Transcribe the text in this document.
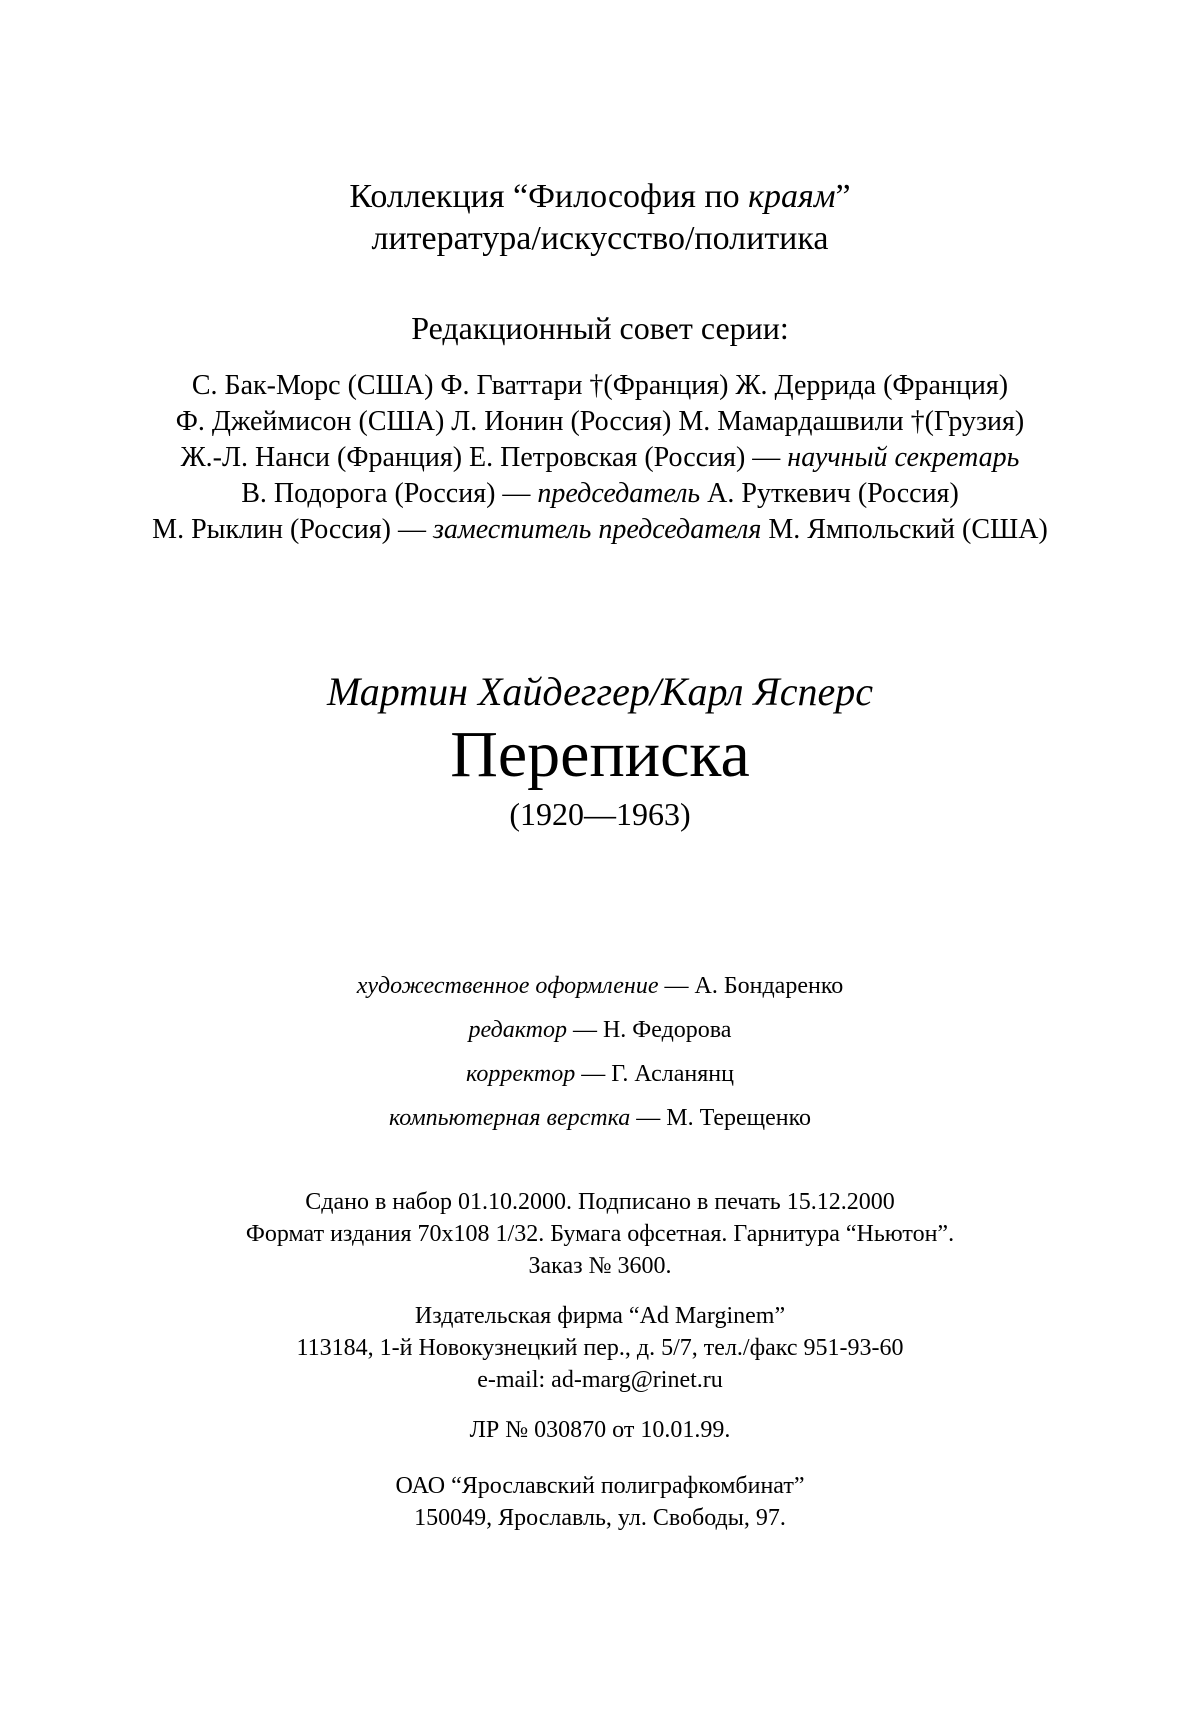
Коллекция “Философия по краям”
литература/искусство/политика
Редакционный совет серии:
С. Бак-Морс (США) Ф. Гваттари †(Франция) Ж. Деррида (Франция)
Ф. Джеймисон (США) Л. Ионин (Россия) М. Мамардашвили †(Грузия)
Ж.-Л. Нанси (Франция) Е. Петровская (Россия) — научный секретарь
В. Подорога (Россия) — председатель А. Руткевич (Россия)
М. Рыклин (Россия) — заместитель председателя М. Ямпольский (США)
Мартин Хайдеггер/Карл Ясперс
Переписка
(1920—1963)
художественное оформление — А. Бондаренко
редактор — Н. Федорова
корректор — Г. Асланянц
компьютерная верстка — М. Терещенко
Сдано в набор 01.10.2000. Подписано в печать 15.12.2000
Формат издания 70х108 1/32. Бумага офсетная. Гарнитура “Ньютон”.
Заказ № 3600.
Издательская фирма “Ad Marginem”
113184, 1-й Новокузнецкий пер., д. 5/7, тел./факс 951-93-60
e-mail: ad-marg@rinet.ru
ЛР № 030870 от 10.01.99.
ОАО “Ярославский полиграфкомбинат”
150049, Ярославль, ул. Свободы, 97.
